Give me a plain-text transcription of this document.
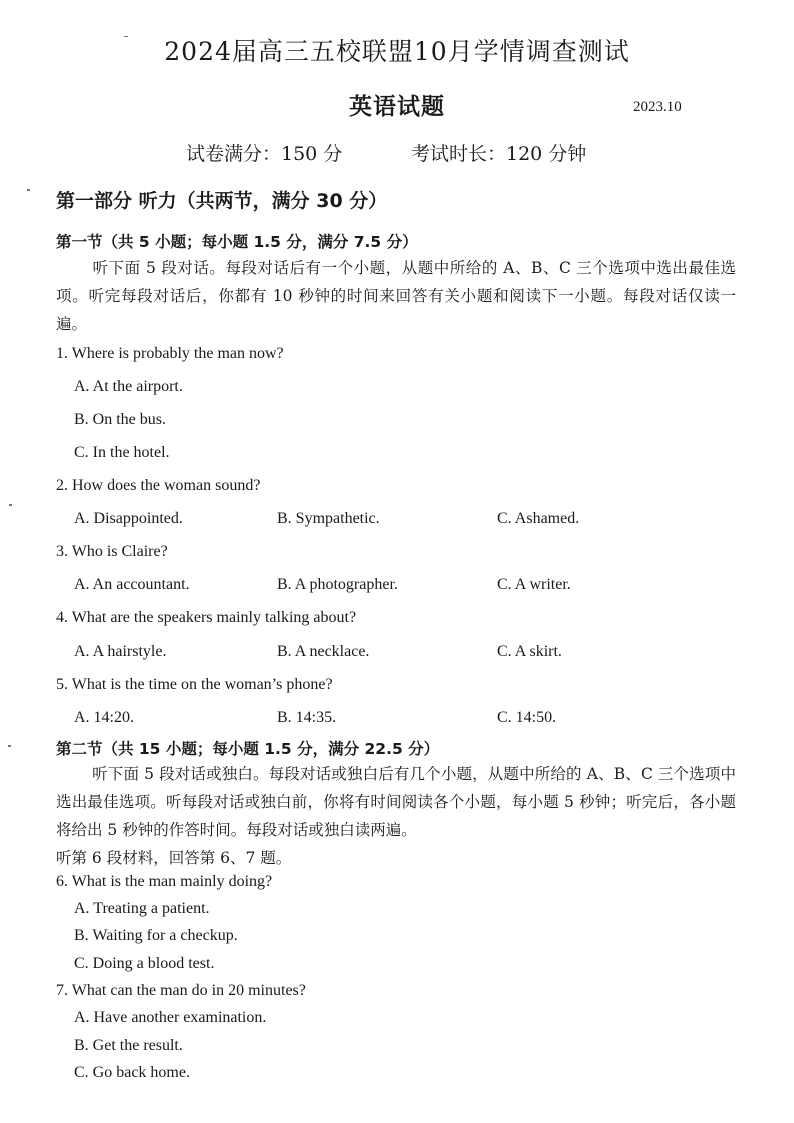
2024届高三五校联盟10月学情调查测试
英语试题	2023.10
试卷满分：150 分	考试时长：120 分钟
第一部分 听力（共两节，满分 30 分）
第一节（共 5 小题；每小题 1.5 分，满分 7.5 分）
听下面 5 段对话。每段对话后有一个小题，从题中所给的 A、B、C 三个选项中选出最佳选项。听完每段对话后，你都有 10 秒钟的时间来回答有关小题和阅读下一小题。每段对话仅读一遍。
1. Where is probably the man now?
A. At the airport.
B. On the bus.
C. In the hotel.
2. How does the woman sound?
A. Disappointed.	B. Sympathetic.	C. Ashamed.
3. Who is Claire?
A. An accountant.	B. A photographer.	C. A writer.
4. What are the speakers mainly talking about?
A. A hairstyle.	B. A necklace.	C. A skirt.
5. What is the time on the woman’s phone?
A. 14:20.	B. 14:35.	C. 14:50.
第二节（共 15 小题；每小题 1.5 分，满分 22.5 分）
听下面 5 段对话或独白。每段对话或独白后有几个小题，从题中所给的 A、B、C 三个选项中选出最佳选项。听每段对话或独白前，你将有时间阅读各个小题，每小题 5 秒钟；听完后，各小题将给出 5 秒钟的作答时间。每段对话或独白读两遍。
听第 6 段材料，回答第 6、7 题。
6. What is the man mainly doing?
A. Treating a patient.
B. Waiting for a checkup.
C. Doing a blood test.
7. What can the man do in 20 minutes?
A. Have another examination.
B. Get the result.
C. Go back home.
